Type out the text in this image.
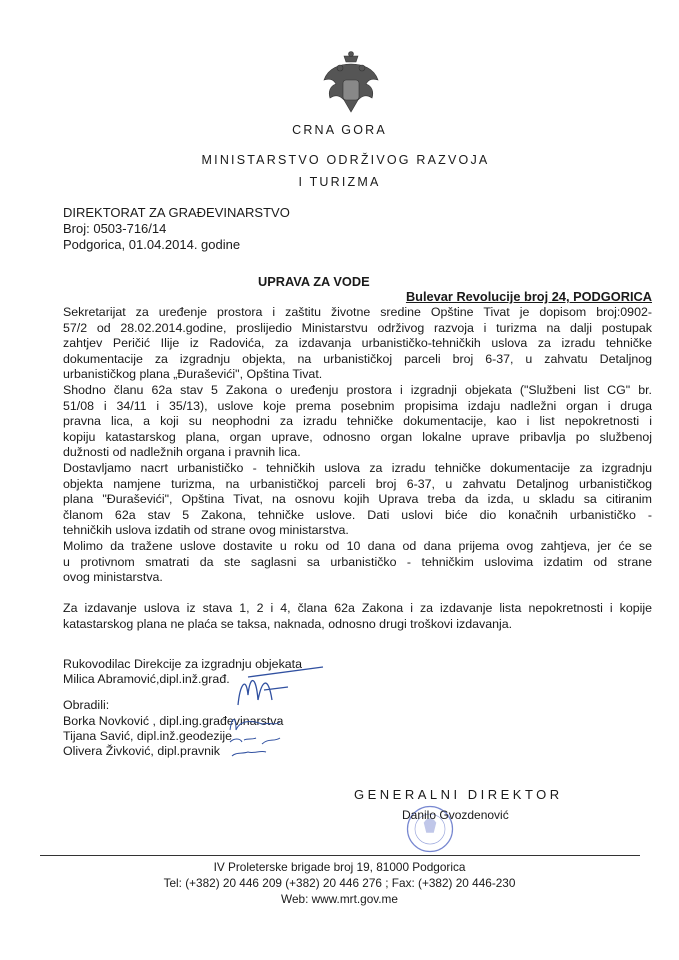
CRNA GORA
MINISTARSTVO ODRŽIVOG RAZVOJA
I TURIZMA
DIREKTORAT ZA GRAĐEVINARSTVO
Broj: 0503-716/14
Podgorica, 01.04.2014. godine
UPRAVA ZA VODE
Bulevar Revolucije broj 24, PODGORICA
Sekretarijat za uređenje prostora i zaštitu životne sredine Opštine Tivat je dopisom broj:0902-
57/2 od 28.02.2014.godine, proslijedio Ministarstvu održivog razvoja i turizma na dalji postupak
zahtjev Peričić Ilije iz Radovića, za izdavanja urbanističko-tehničkih uslova za izradu tehničke
dokumentacije za izgradnju objekta, na urbanističkoj parceli broj 6-37, u zahvatu Detaljnog
urbanističkog plana „Đuraševići", Opština Tivat.
Shodno članu 62a stav 5 Zakona o uređenju prostora i izgradnji objekata ("Službeni list CG" br.
51/08 i 34/11 i 35/13), uslove koje prema posebnim propisima izdaju nadležni organ i druga
pravna lica, a koji su neophodni za izradu tehničke dokumentacije, kao i list nepokretnosti i
kopiju katastarskog plana, organ uprave, odnosno organ lokalne uprave pribavlja po službenoj
dužnosti od nadležnih organa i pravnih lica.
Dostavljamo nacrt urbanističko - tehničkih uslova za izradu tehničke dokumentacije za izgradnju
objekta namjene turizma, na urbanističkoj parceli broj 6-37, u zahvatu Detaljnog urbanističkog
plana "Đuraševići", Opština Tivat, na osnovu kojih Uprava treba da izda, u skladu sa citiranim
članom 62a stav 5 Zakona, tehničke uslove. Dati uslovi biće dio konačnih urbanističko -
tehničkih uslova izdatih od strane ovog ministarstva.
Molimo da tražene uslove dostavite u roku od 10 dana od dana prijema ovog zahtjeva, jer će se
u protivnom smatrati da ste saglasni sa urbanističko - tehničkim uslovima izdatim od strane
ovog ministarstva.
Za izdavanje uslova iz stava 1, 2 i 4, člana 62a Zakona i za izdavanje lista nepokretnosti i kopije
katastarskog plana ne plaća se taksa, naknada, odnosno drugi troškovi izdavanja.
Rukovodilac Direkcije za izgradnju objekata
Milica Abramović,dipl.inž.građ.
Obradili:
Borka Novković , dipl.ing.građevinarstva
Tijana Savić, dipl.inž.geodezije
Olivera Živković, dipl.pravnik
GENERALNI DIREKTOR
Danilo Gvozdenović
IV Proleterske brigade broj 19, 81000 Podgorica
Tel: (+382) 20 446 209 (+382) 20 446 276 ; Fax: (+382) 20 446-230
Web: www.mrt.gov.me
